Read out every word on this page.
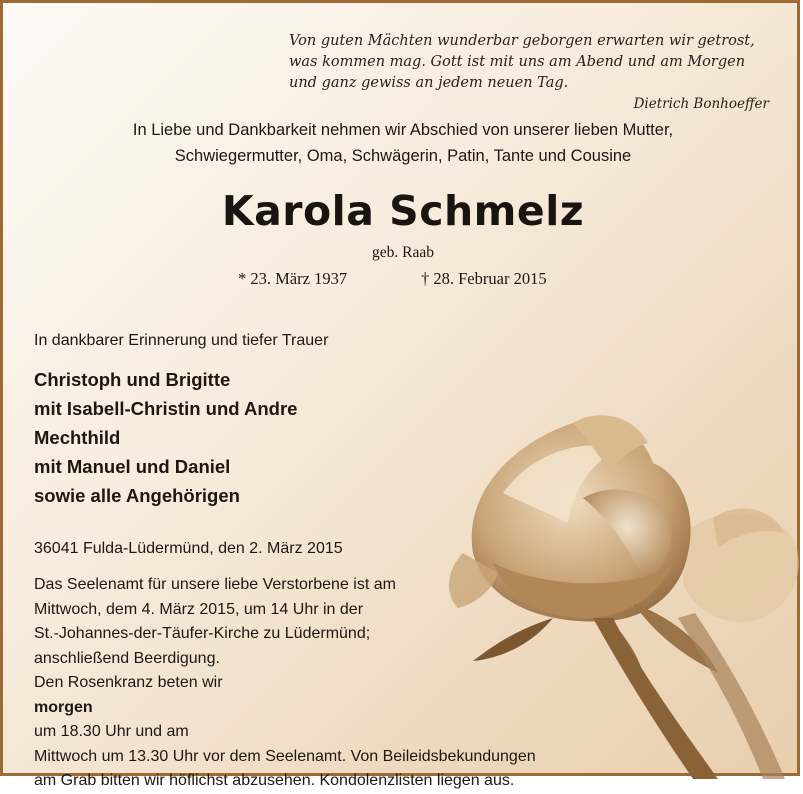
Von guten Mächten wunderbar geborgen erwarten wir getrost,
was kommen mag. Gott ist mit uns am Abend und am Morgen
und ganz gewiss an jedem neuen Tag.
Dietrich Bonhoeffer
In Liebe und Dankbarkeit nehmen wir Abschied von unserer lieben Mutter,
Schwiegermutter, Oma, Schwägerin, Patin, Tante und Cousine
Karola Schmelz
geb. Raab
* 23. März 1937	† 28. Februar 2015
In dankbarer Erinnerung und tiefer Trauer
Christoph und Brigitte
mit Isabell-Christin und Andre
Mechthild
mit Manuel und Daniel
sowie alle Angehörigen
36041 Fulda-Lüdermünd, den 2. März 2015
Das Seelenamt für unsere liebe Verstorbene ist am
Mittwoch, dem 4. März 2015, um 14 Uhr in der
St.-Johannes-der-Täufer-Kirche zu Lüdermünd;
anschließend Beerdigung.
Den Rosenkranz beten wir
morgen
um 18.30 Uhr und am
Mittwoch um 13.30 Uhr vor dem Seelenamt. Von Beileidsbekundungen
am Grab bitten wir höflichst abzusehen. Kondolenzlisten liegen aus.
